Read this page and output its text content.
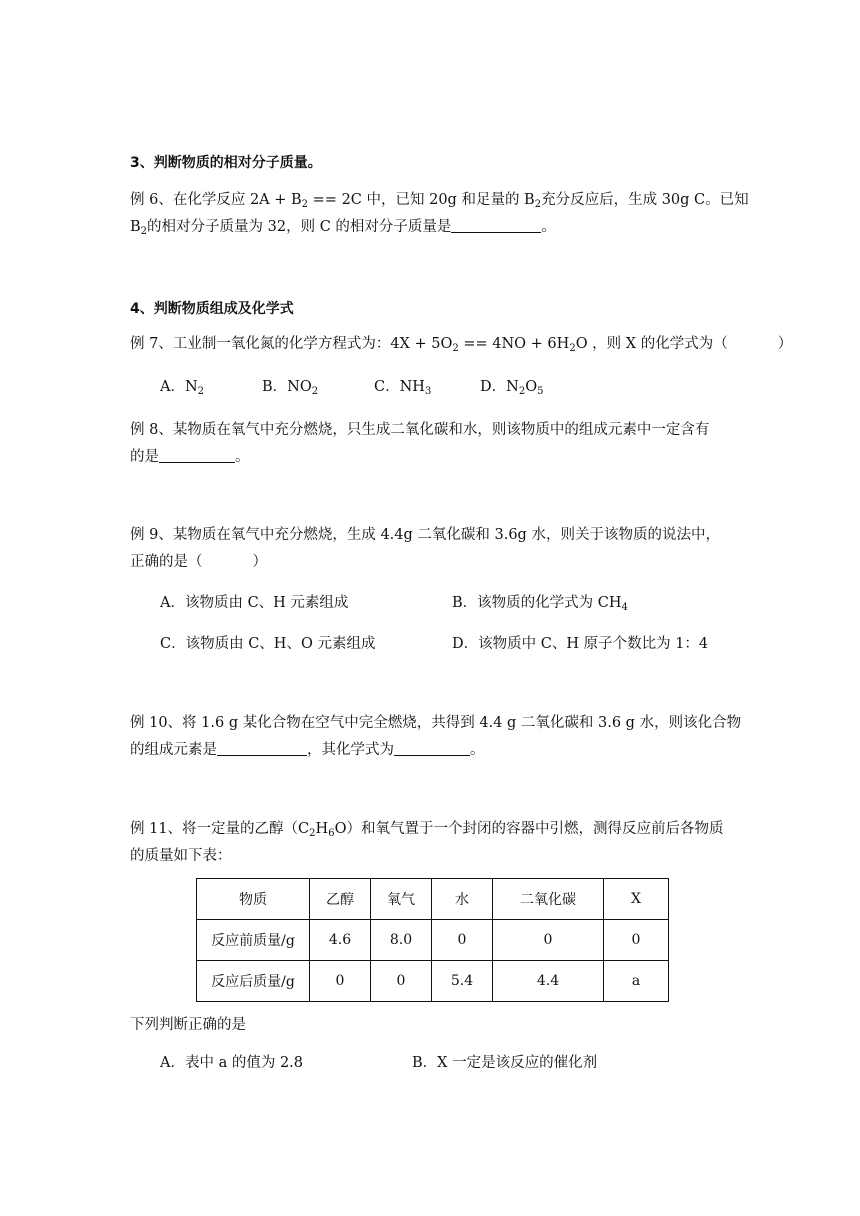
3、判断物质的相对分子质量。
例 6、在化学反应 $2A + B_2 == 2C$ 中，已知 20g 和足量的 $B_2$充分反应后，生成 30g C。已知
$B_2$的相对分子质量为 32，则 C 的相对分子质量是	。
4、判断物质组成及化学式
例 7、工业制一氧化氮的化学方程式为：$4X + 5O_2 == 4NO + 6H_2O$ ，则 X 的化学式为（	）
A．$N_2$	B．$NO_2$	C．$NH_3$	D．$N_2O_5$
例 8、某物质在氧气中充分燃烧，只生成二氧化碳和水，则该物质中的组成元素中一定含有
的是	。
例 9、某物质在氧气中充分燃烧，生成 4.4g 二氧化碳和 3.6g 水，则关于该物质的说法中，
正确的是（	）
A．该物质由 C、H 元素组成	B．该物质的化学式为 $CH_4$
C．该物质由 C、H、O 元素组成	D．该物质中 C、H 原子个数比为 1：4
例 10、将 1.6 g 某化合物在空气中完全燃烧，共得到 4.4 g 二氧化碳和 3.6 g 水，则该化合物
的组成元素是	，其化学式为	。
例 11、将一定量的乙醇$(C_2H_6O)$和氧气置于一个封闭的容器中引燃，测得反应前后各物质
的质量如下表：
物质	乙醇	氧气	水	二氧化碳	X
反应前质量/g	4.6	8.0	0	0	0
反应后质量/g	0	0	5.4	4.4	a
下列判断正确的是
A．表中 a 的值为 2.8	B．X 一定是该反应的催化剂
